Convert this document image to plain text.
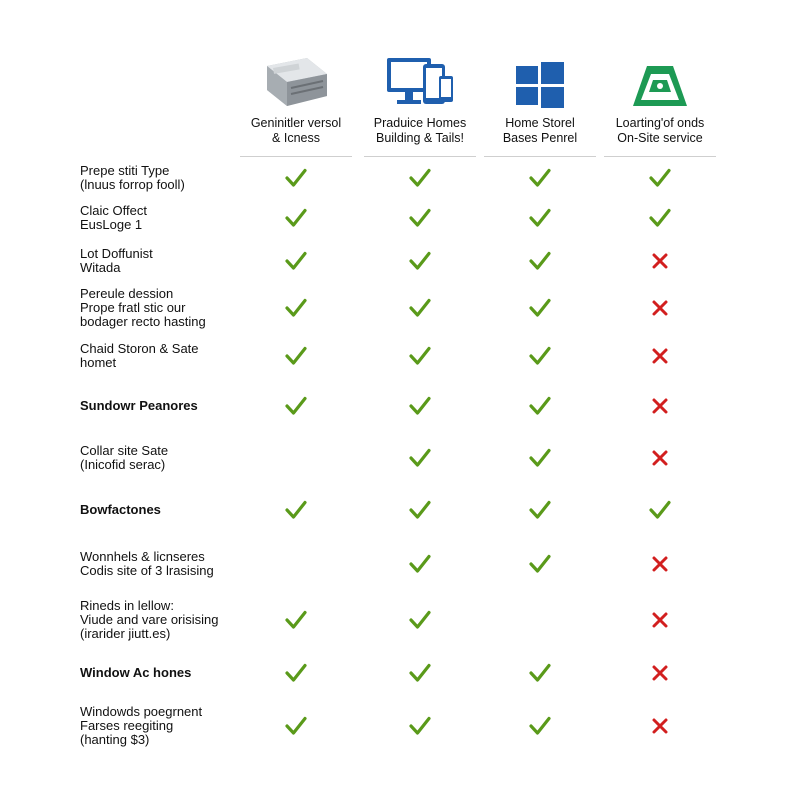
Geninitler versol
& Icness
Praduice Homes
Building & Tails!
Home Storel
Bases Penrel
Loarting'of onds
On-Site service
Prepe stiti Type
(lnuus forrop fooll)
Claic Offect
EusLoge 1
Lot Doffunist
Witada
Pereule dession
Prope fratl stic our
bodager recto hasting
Chaid Storon & Sate
homet
Sundowr Peanores
Collar site Sate
(Inicofid serac)
Bowfactones
Wonnhels & licnseres
Codis site of 3 lrasising
Rineds in lellow:
Viude and vare orisising
(irarider jiutt.es)
Window Ac hones
Windowds poegrnent
Farses reegiting
(hanting $3)
